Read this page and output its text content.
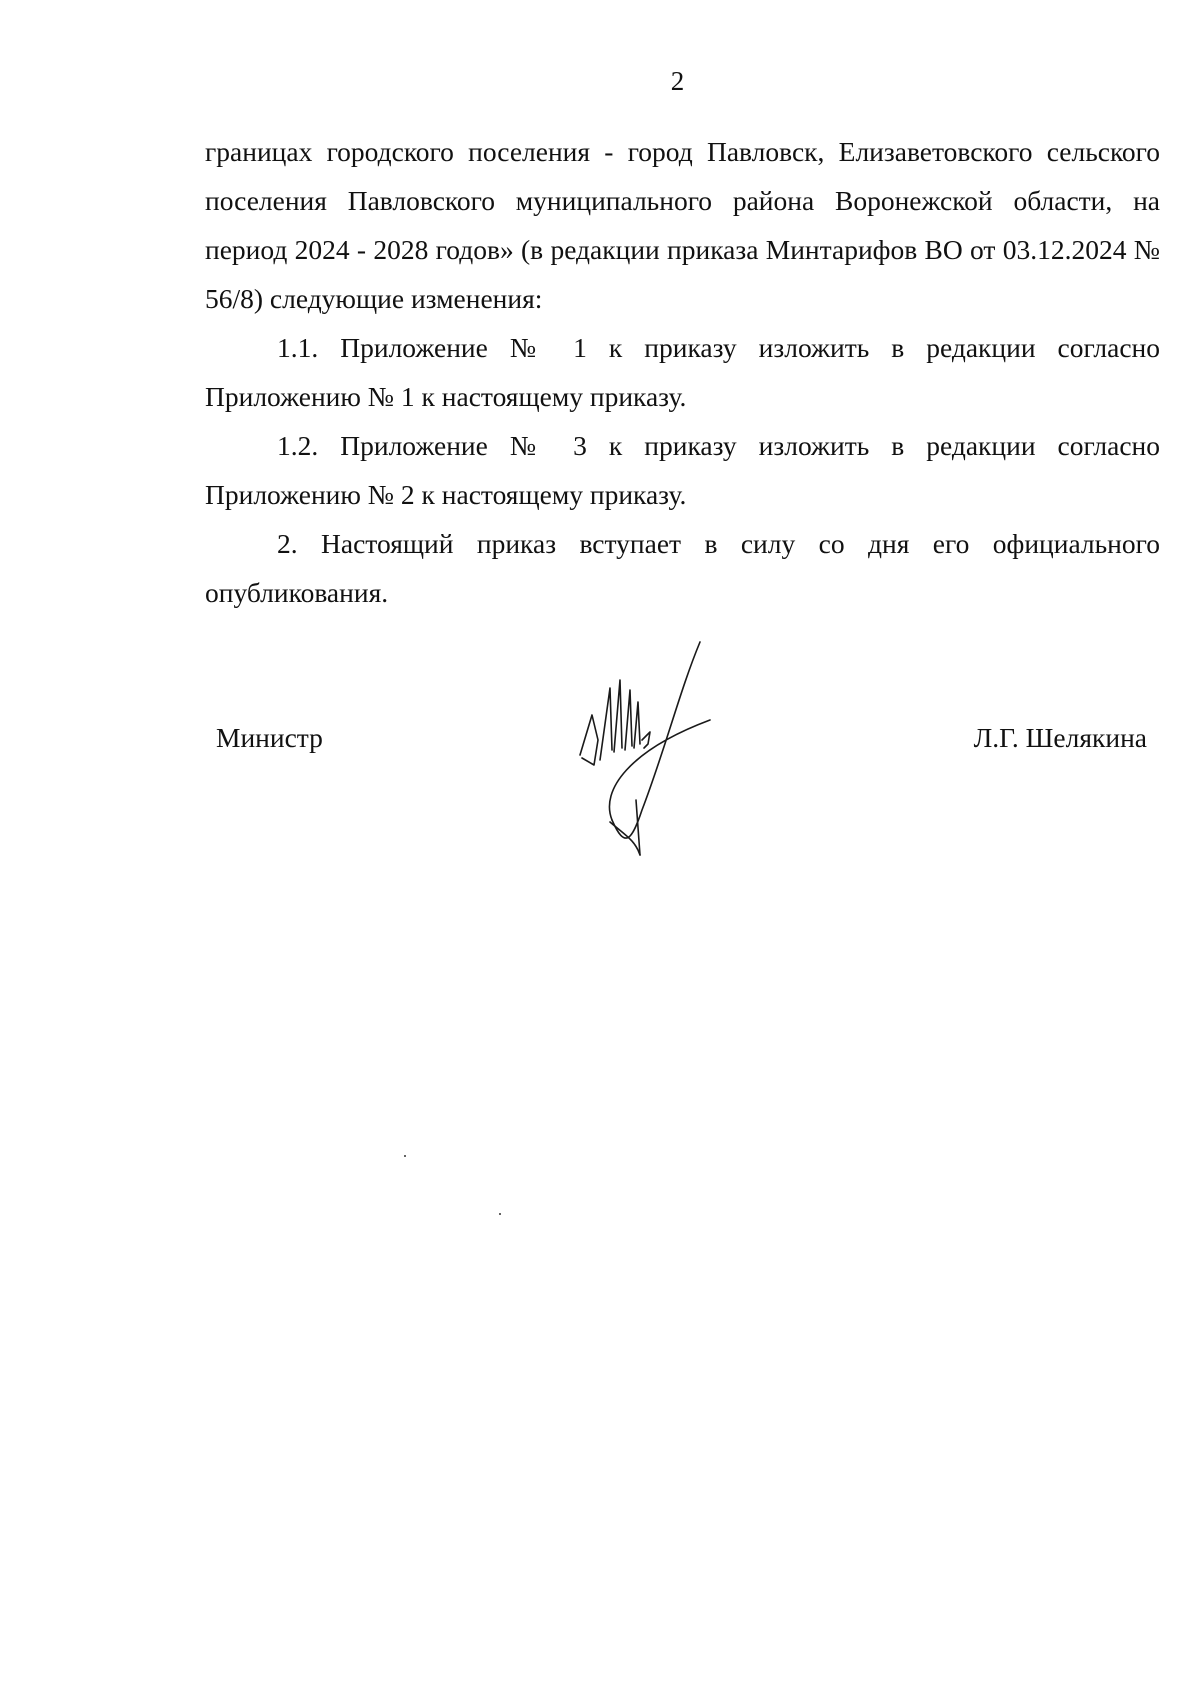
2

границах городского поселения - город Павловск, Елизаветовского сельского поселения Павловского муниципального района Воронежской области, на период 2024 - 2028 годов» (в редакции приказа Минтарифов ВО от 03.12.2024 № 56/8) следующие изменения:

1.1. Приложение № 1 к приказу изложить в редакции согласно Приложению № 1 к настоящему приказу.

1.2. Приложение № 3 к приказу изложить в редакции согласно Приложению № 2 к настоящему приказу.

2. Настоящий приказ вступает в силу со дня его официального опубликования.

Министр	Л.Г. Шелякина
